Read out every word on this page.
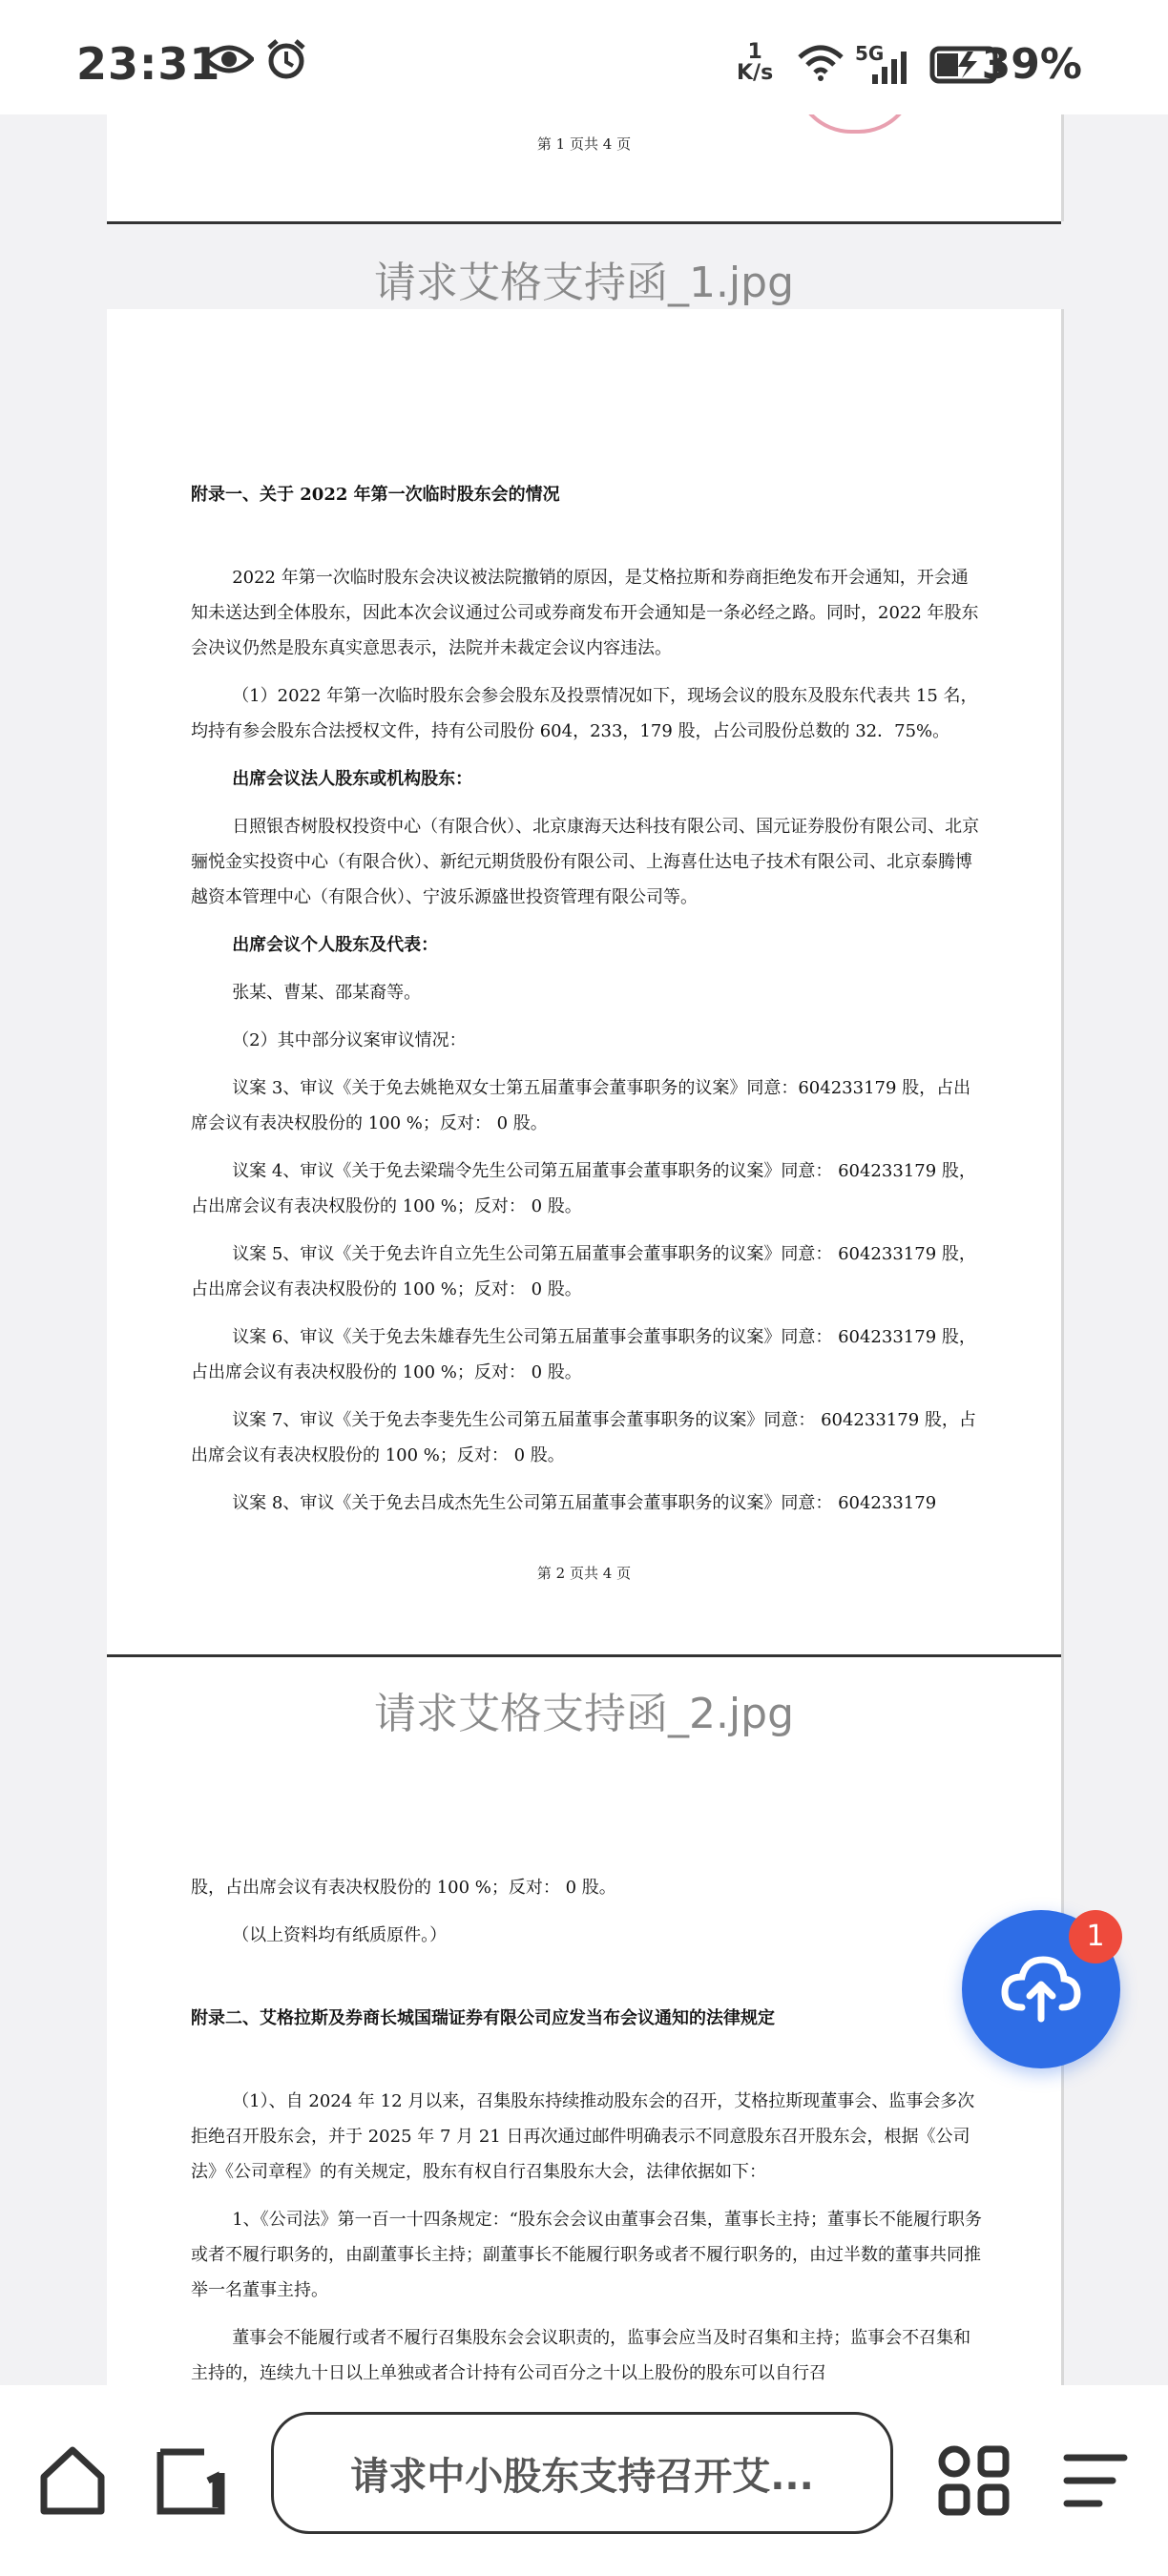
23:31	1
K/s
5G 39%
第 1 页共 4 页
请求艾格支持函_1.jpg

附录一、关于 2022 年第一次临时股东会的情况

2022 年第一次临时股东会决议被法院撤销的原因，是艾格拉斯和券商拒绝发布开会通知，开会通知未送达到全体股东，因此本次会议通过公司或券商发布开会通知是一条必经之路。同时，2022 年股东会决议仍然是股东真实意思表示，法院并未裁定会议内容违法。

（1）2022 年第一次临时股东会参会股东及投票情况如下，现场会议的股东及股东代表共 15 名，均持有参会股东合法授权文件，持有公司股份 604，233，179 股，占公司股份总数的 32．75%。

出席会议法人股东或机构股东：

日照银杏树股权投资中心（有限合伙）、北京康海天达科技有限公司、国元证券股份有限公司、北京骊悦金实投资中心（有限合伙）、新纪元期货股份有限公司、上海喜仕达电子技术有限公司、北京泰腾博越资本管理中心（有限合伙）、宁波乐源盛世投资管理有限公司等。

出席会议个人股东及代表：

张某、曹某、邵某裔等。

（2）其中部分议案审议情况：

议案 3、审议《关于免去姚艳双女士第五届董事会董事职务的议案》同意：604233179 股，占出席会议有表决权股份的 100 %；反对： 0 股。

议案 4、审议《关于免去梁瑞令先生公司第五届董事会董事职务的议案》同意： 604233179 股，占出席会议有表决权股份的 100 %；反对： 0 股。

议案 5、审议《关于免去许自立先生公司第五届董事会董事职务的议案》同意： 604233179 股，占出席会议有表决权股份的 100 %；反对： 0 股。

议案 6、审议《关于免去朱雄春先生公司第五届董事会董事职务的议案》同意： 604233179 股，占出席会议有表决权股份的 100 %；反对： 0 股。

议案 7、审议《关于免去李斐先生公司第五届董事会董事职务的议案》同意： 604233179 股，占出席会议有表决权股份的 100 %；反对： 0 股。

议案 8、审议《关于免去吕成杰先生公司第五届董事会董事职务的议案》同意： 604233179

第 2 页共 4 页
请求艾格支持函_2.jpg

股，占出席会议有表决权股份的 100 %；反对： 0 股。

（以上资料均有纸质原件。）

附录二、艾格拉斯及券商长城国瑞证券有限公司应发当布会议通知的法律规定

（1）、自 2024 年 12 月以来，召集股东持续推动股东会的召开，艾格拉斯现董事会、监事会多次拒绝召开股东会，并于 2025 年 7 月 21 日再次通过邮件明确表示不同意股东召开股东会，根据《公司法》《公司章程》的有关规定，股东有权自行召集股东大会，法律依据如下：

1、《公司法》第一百一十四条规定：“股东会会议由董事会召集，董事长主持；董事长不能履行职务或者不履行职务的，由副董事长主持；副董事长不能履行职务或者不履行职务的，由过半数的董事共同推举一名董事主持。

董事会不能履行或者不履行召集股东会会议职责的，监事会应当及时召集和主持；监事会不召集和主持的，连续九十日以上单独或者合计持有公司百分之十以上股份的股东可以自行召

1
请求中小股东支持召开艾...
